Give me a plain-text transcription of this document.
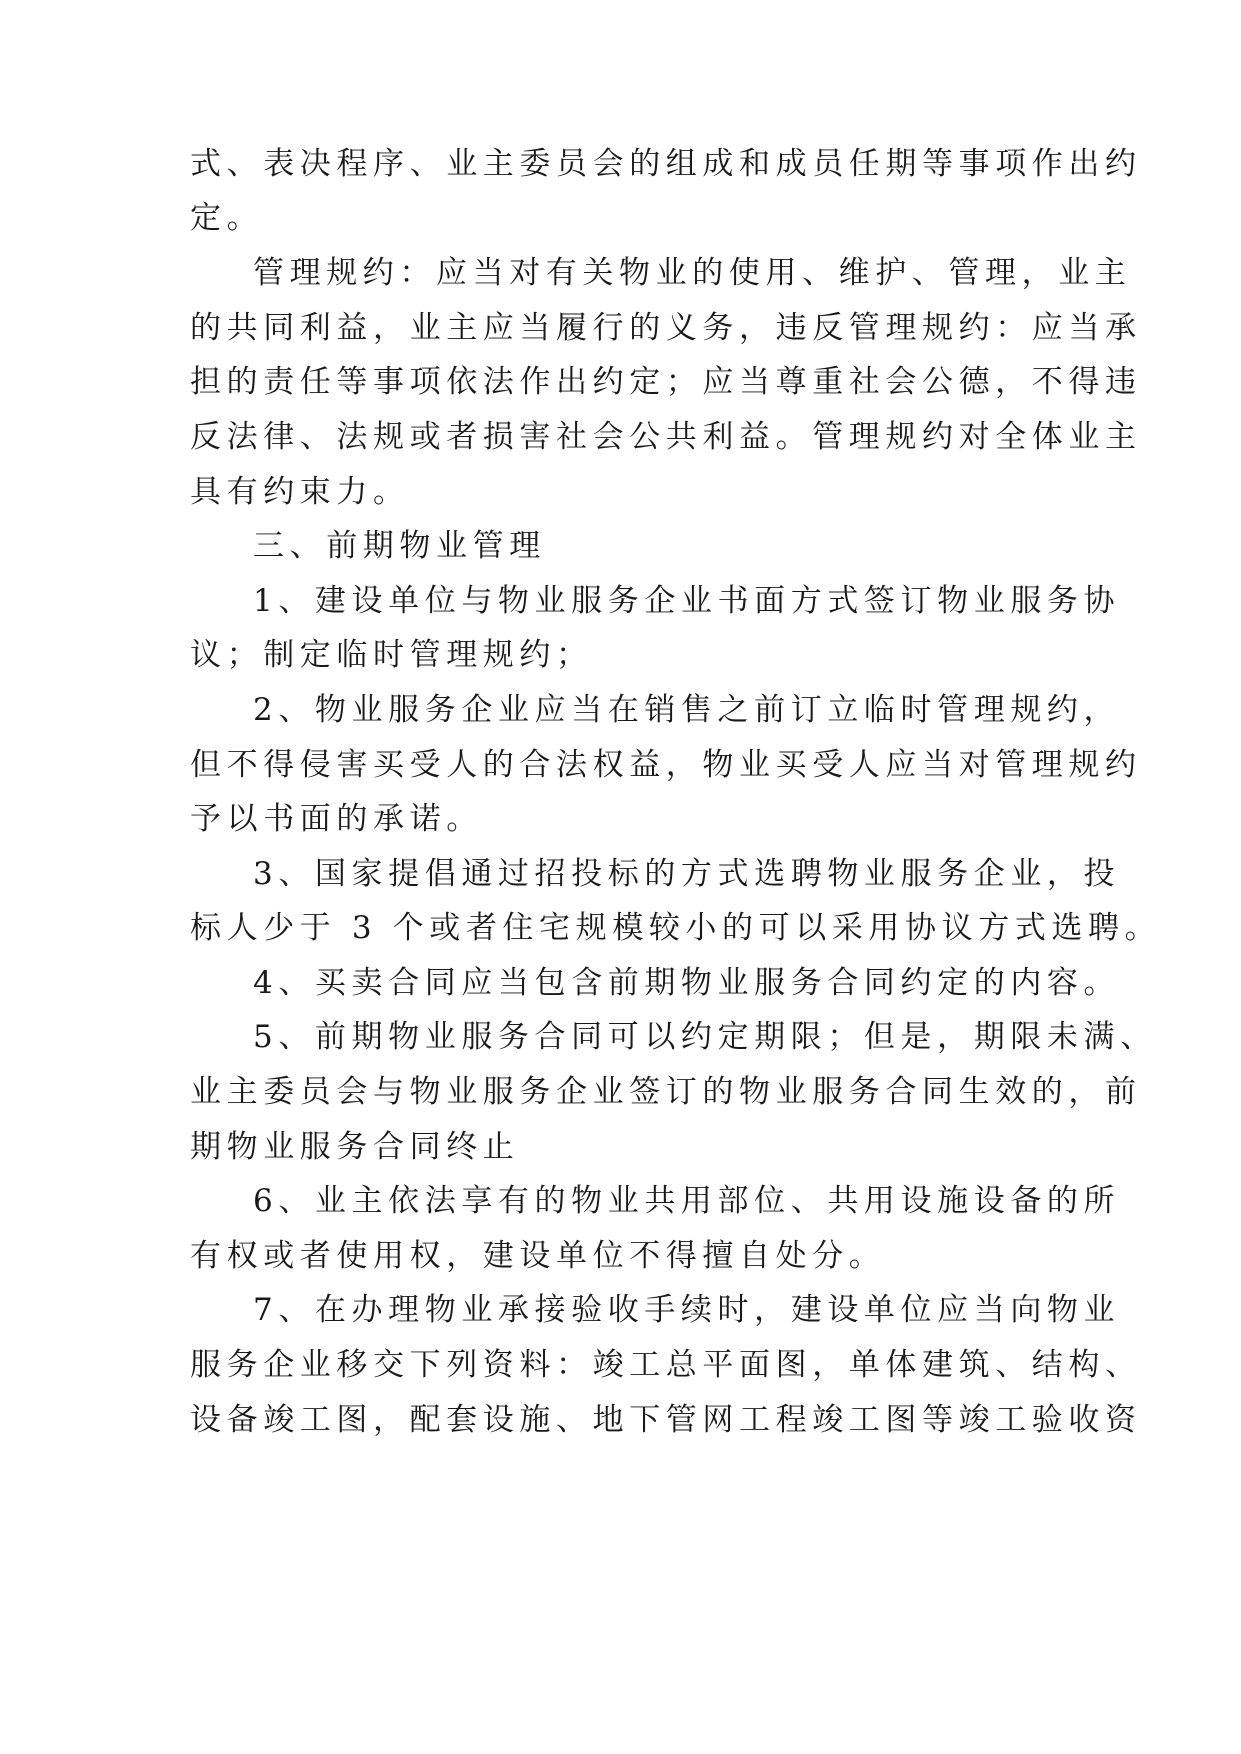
式、表决程序、业主委员会的组成和成员任期等事项作出约
定。
管理规约：应当对有关物业的使用、维护、管理，业主
的共同利益，业主应当履行的义务，违反管理规约：应当承
担的责任等事项依法作出约定；应当尊重社会公德，不得违
反法律、法规或者损害社会公共利益。管理规约对全体业主
具有约束力。
三、前期物业管理
1、建设单位与物业服务企业书面方式签订物业服务协
议；制定临时管理规约；
2、物业服务企业应当在销售之前订立临时管理规约，
但不得侵害买受人的合法权益，物业买受人应当对管理规约
予以书面的承诺。
3、国家提倡通过招投标的方式选聘物业服务企业，投
标人少于 3 个或者住宅规模较小的可以采用协议方式选聘。
4、买卖合同应当包含前期物业服务合同约定的内容。
5、前期物业服务合同可以约定期限；但是，期限未满、
业主委员会与物业服务企业签订的物业服务合同生效的，前
期物业服务合同终止
6、业主依法享有的物业共用部位、共用设施设备的所
有权或者使用权，建设单位不得擅自处分。
7、在办理物业承接验收手续时，建设单位应当向物业
服务企业移交下列资料：竣工总平面图，单体建筑、结构、
设备竣工图，配套设施、地下管网工程竣工图等竣工验收资
